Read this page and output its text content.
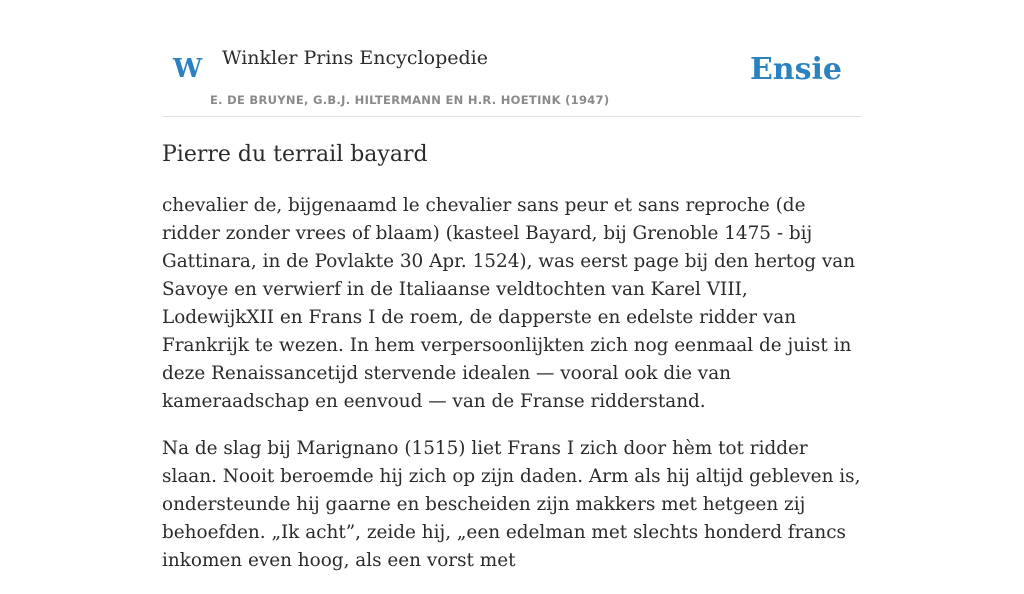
W Winkler Prins Encyclopedie
E. DE BRUYNE, G.B.J. HILTERMANN EN H.R. HOETINK (1947)
Ensie
Pierre du terrail bayard

chevalier de, bijgenaamd le chevalier sans peur et sans reproche (de ridder zonder vrees of blaam) (kasteel Bayard, bij Grenoble 1475 - bij Gattinara, in de Povlakte 30 Apr. 1524), was eerst page bij den hertog van Savoye en verwierf in de Italiaanse veldtochten van Karel VIII, LodewijkXII en Frans I de roem, de dapperste en edelste ridder van Frankrijk te wezen. In hem verpersoonlijkten zich nog eenmaal de juist in deze Renaissancetijd stervende idealen — vooral ook die van kameraadschap en eenvoud — van de Franse ridderstand.

Na de slag bij Marignano (1515) liet Frans I zich door hèm tot ridder slaan. Nooit beroemde hij zich op zijn daden. Arm als hij altijd gebleven is, ondersteunde hij gaarne en bescheiden zijn makkers met hetgeen zij behoefden. „Ik acht”, zeide hij, „een edelman met slechts honderd francs inkomen even hoog, als een vorst met
